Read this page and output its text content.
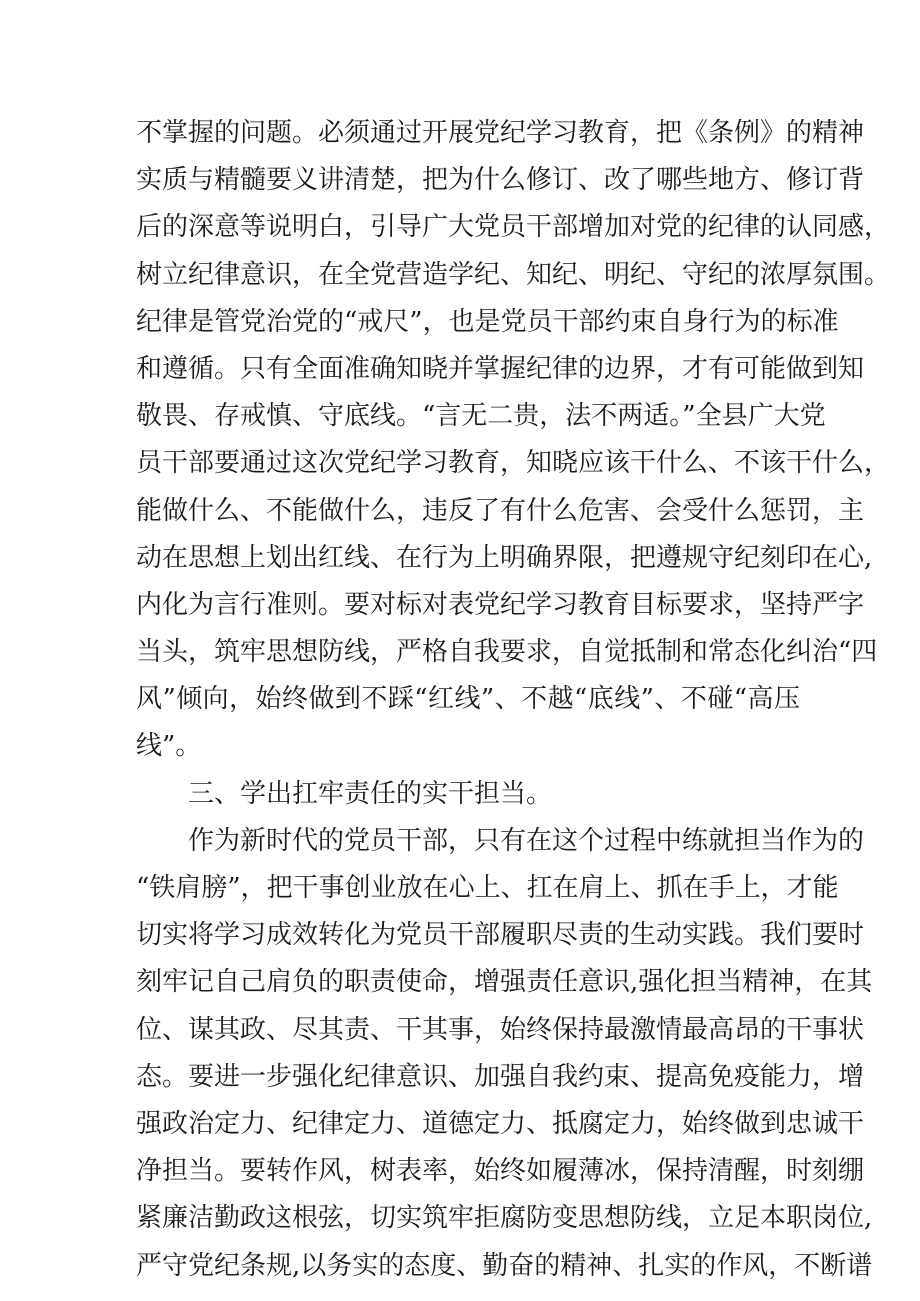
不掌握的问题。必须通过开展党纪学习教育，把《条例》的精神
实质与精髓要义讲清楚，把为什么修订、改了哪些地方、修订背
后的深意等说明白，引导广大党员干部增加对党的纪律的认同感，
树立纪律意识，在全党营造学纪、知纪、明纪、守纪的浓厚氛围。
纪律是管党治党的“戒尺”，也是党员干部约束自身行为的标准
和遵循。只有全面准确知晓并掌握纪律的边界，才有可能做到知
敬畏、存戒慎、守底线。“言无二贵，法不两适。”全县广大党
员干部要通过这次党纪学习教育，知晓应该干什么、不该干什么，
能做什么、不能做什么，违反了有什么危害、会受什么惩罚，主
动在思想上划出红线、在行为上明确界限，把遵规守纪刻印在心,
内化为言行准则。要对标对表党纪学习教育目标要求，坚持严字
当头，筑牢思想防线，严格自我要求，自觉抵制和常态化纠治“四
风”倾向，始终做到不踩“红线”、不越“底线”、不碰“高压
线”。
三、学出扛牢责任的实干担当。
作为新时代的党员干部，只有在这个过程中练就担当作为的
“铁肩膀”，把干事创业放在心上、扛在肩上、抓在手上，才能
切实将学习成效转化为党员干部履职尽责的生动实践。我们要时
刻牢记自己肩负的职责使命，增强责任意识,强化担当精神，在其
位、谋其政、尽其责、干其事，始终保持最激情最高昂的干事状
态。要进一步强化纪律意识、加强自我约束、提高免疫能力，增
强政治定力、纪律定力、道德定力、抵腐定力，始终做到忠诚干
净担当。要转作风，树表率，始终如履薄冰，保持清醒，时刻绷
紧廉洁勤政这根弦，切实筑牢拒腐防变思想防线，立足本职岗位,
严守党纪条规,以务实的态度、勤奋的精神、扎实的作风，不断谱
